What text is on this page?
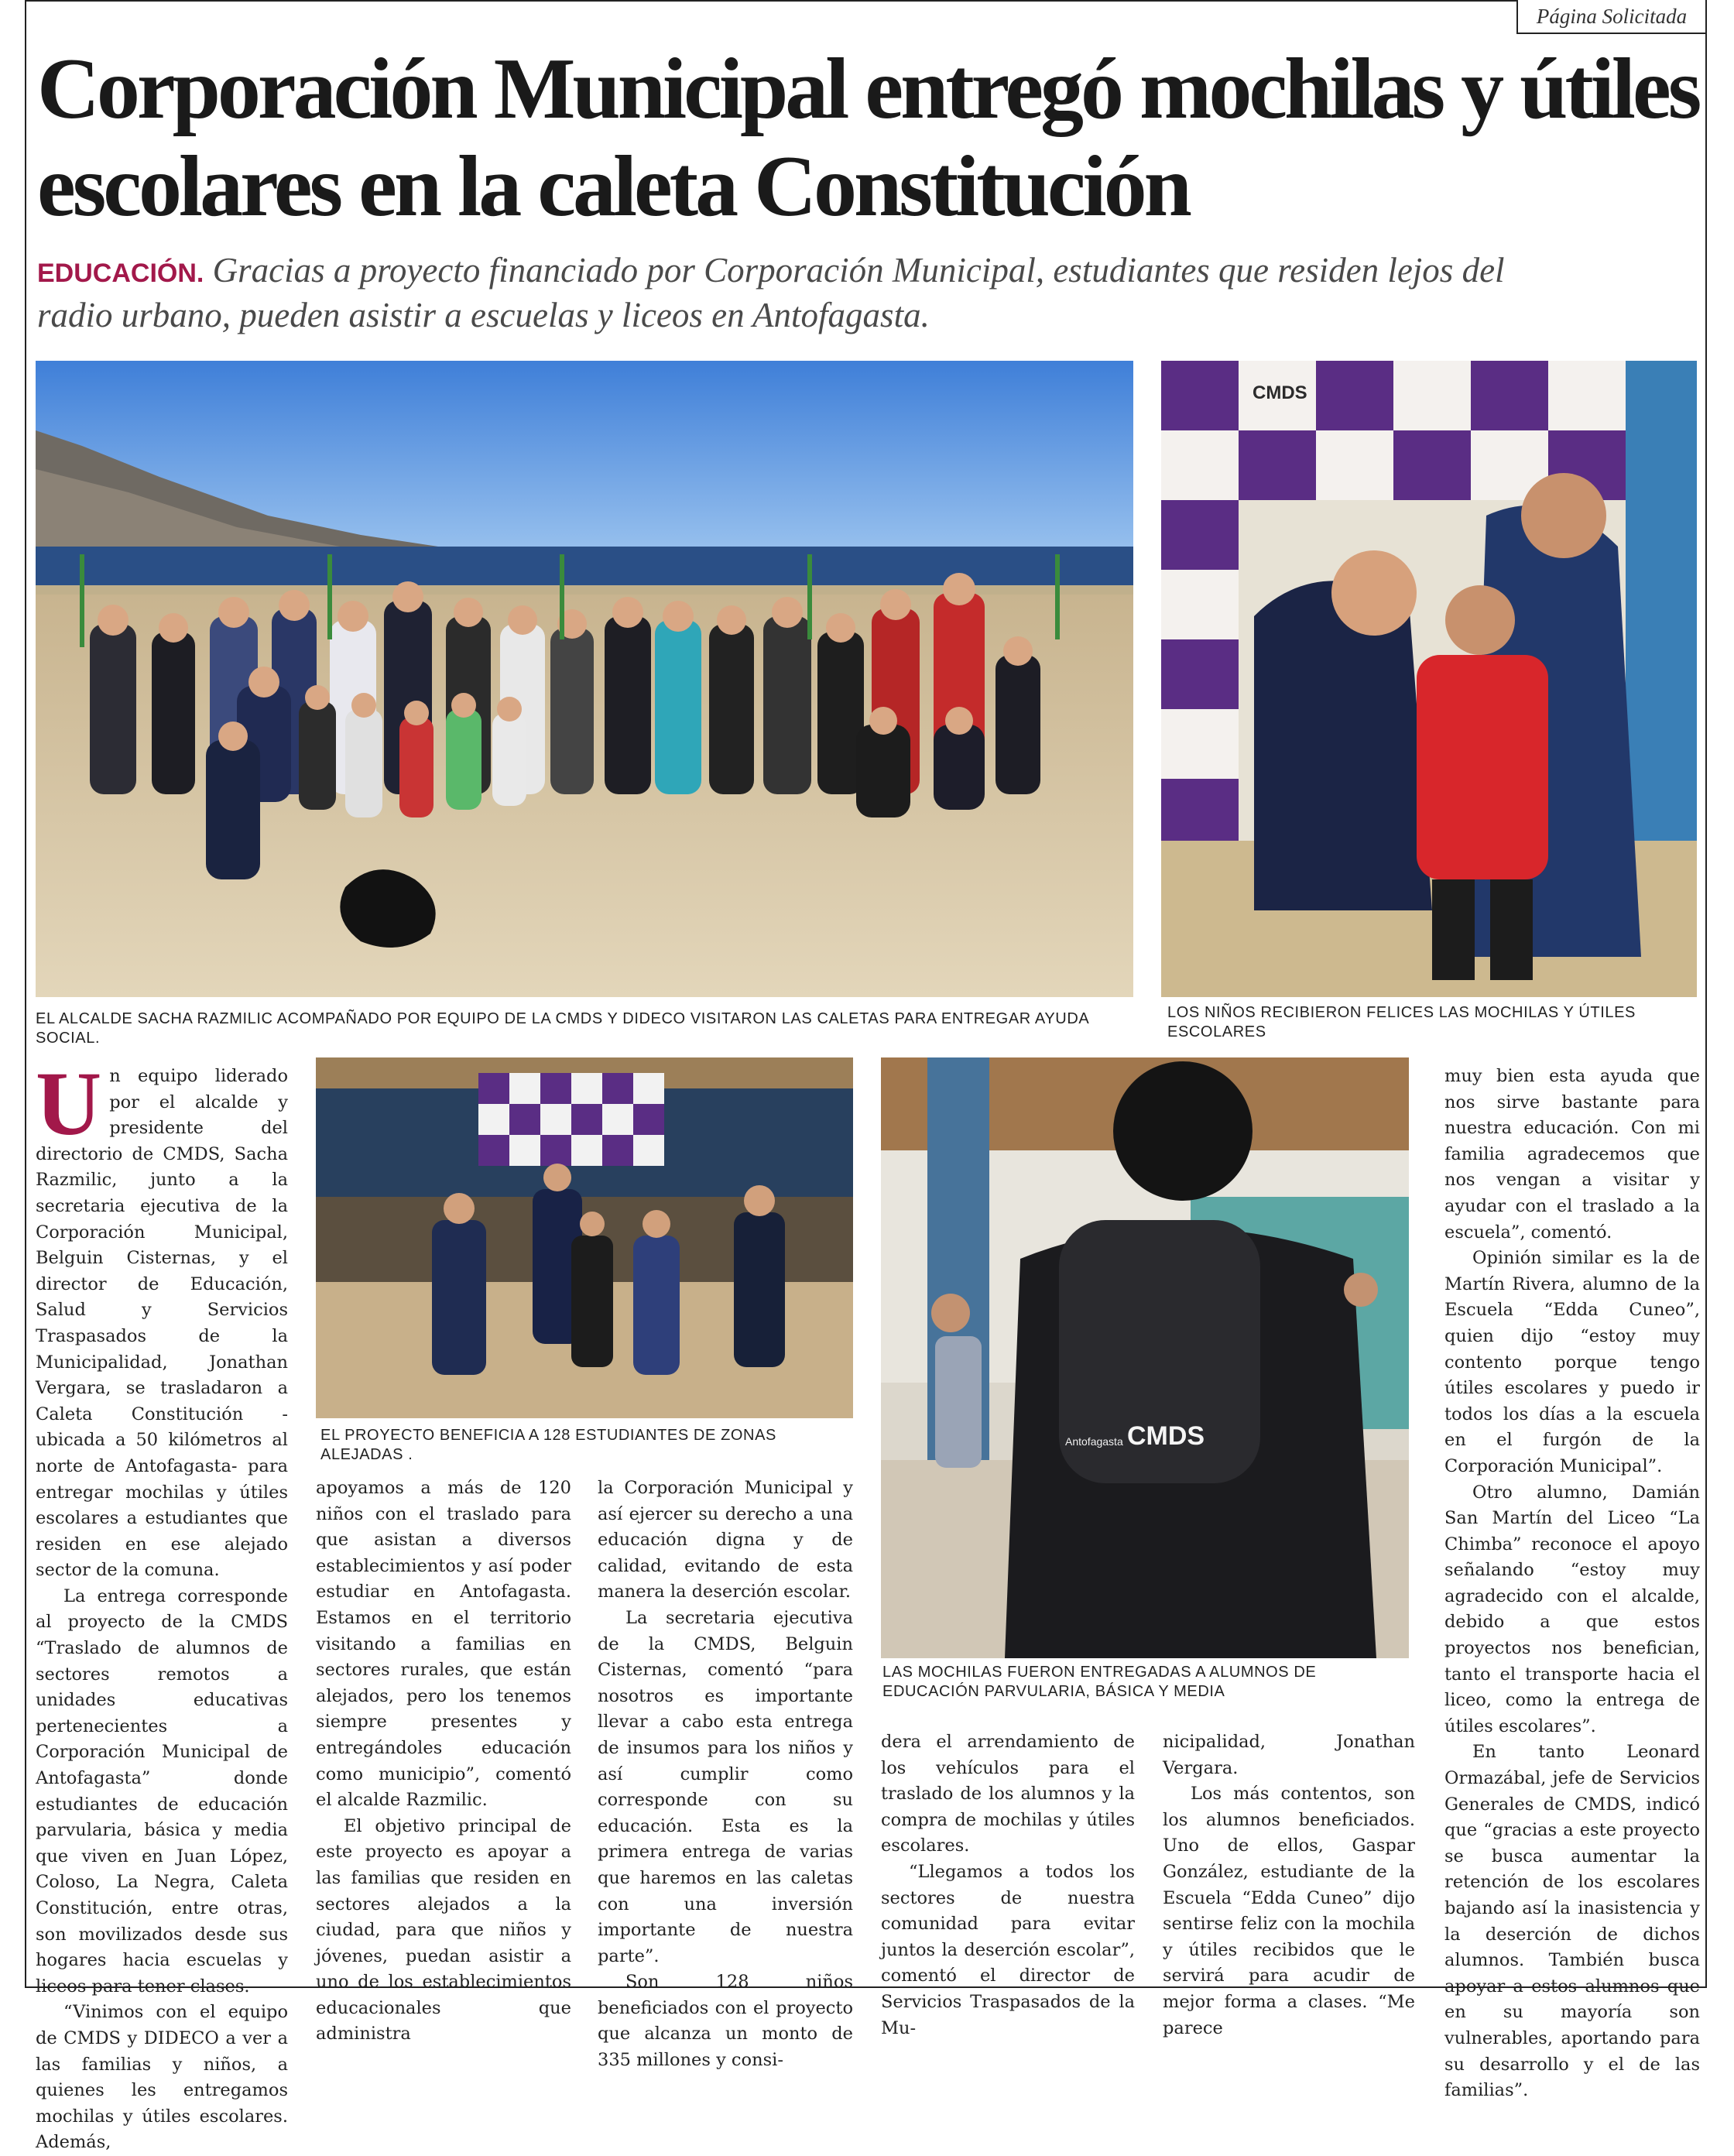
Página Solicitada
Corporación Municipal entregó mochilas y útiles escolares en la caleta Constitución
EDUCACIÓN. Gracias a proyecto financiado por Corporación Municipal, estudiantes que residen lejos del radio urbano, pueden asistir a escuelas y liceos en Antofagasta.

EL ALCALDE SACHA RAZMILIC ACOMPAÑADO POR EQUIPO DE LA CMDS Y DIDECO VISITARON LAS CALETAS PARA ENTREGAR AYUDA SOCIAL.

CMDS

LOS NIÑOS RECIBIERON FELICES LAS MOCHILAS Y ÚTILES ESCOLARES

EL PROYECTO BENEFICIA A 128 ESTUDIANTES DE ZONAS ALEJADAS .

Antofagasta CMDS

LAS MOCHILAS FUERON ENTREGADAS A ALUMNOS DE EDUCACIÓN PARVULARIA, BÁSICA Y MEDIA

Un equipo liderado por el alcalde y presidente del directorio de CMDS, Sacha Razmilic, junto a la secretaria ejecutiva de la Corporación Municipal, Belguin Cisternas, y el director de Educación, Salud y Servicios Traspasados de la Municipalidad, Jonathan Vergara, se trasladaron a Caleta Constitución -ubicada a 50 kilómetros al norte de Antofagasta- para entregar mochilas y útiles escolares a estudiantes que residen en ese alejado sector de la comuna.

La entrega corresponde al proyecto de la CMDS “Traslado de alumnos de sectores remotos a unidades educativas pertenecientes a Corporación Municipal de Antofagasta” donde estudiantes de educación parvularia, básica y media que viven en Juan López, Coloso, La Negra, Caleta Constitución, entre otras, son movilizados desde sus hogares hacia escuelas y liceos para tener clases.

“Vinimos con el equipo de CMDS y DIDECO a ver a las familias y niños, a quienes les entregamos mochilas y útiles escolares. Además,

apoyamos a más de 120 niños con el traslado para que asistan a diversos establecimientos y así poder estudiar en Antofagasta. Estamos en el territorio visitando a familias en sectores rurales, que están alejados, pero los tenemos siempre presentes y entregándoles educación como municipio”, comentó el alcalde Razmilic.

El objetivo principal de este proyecto es apoyar a las familias que residen en sectores alejados a la ciudad, para que niños y jóvenes, puedan asistir a uno de los establecimientos educacionales que administra

la Corporación Municipal y así ejercer su derecho a una educación digna y de calidad, evitando de esta manera la deserción escolar.

La secretaria ejecutiva de la CMDS, Belguin Cisternas, comentó “para nosotros es importante llevar a cabo esta entrega de insumos para los niños y así cumplir como corresponde con su educación. Esta es la primera entrega de varias que haremos en las caletas con una inversión importante de nuestra parte”.

Son 128 niños beneficiados con el proyecto que alcanza un monto de 335 millones y consi-

dera el arrendamiento de los vehículos para el traslado de los alumnos y la compra de mochilas y útiles escolares.

“Llegamos a todos los sectores de nuestra comunidad para evitar juntos la deserción escolar”, comentó el director de Servicios Traspasados de la Mu-

nicipalidad, Jonathan Vergara.

Los más contentos, son los alumnos beneficiados. Uno de ellos, Gaspar González, estudiante de la Escuela “Edda Cuneo” dijo sentirse feliz con la mochila y útiles recibidos que le servirá para acudir de mejor forma a clases. “Me parece

muy bien esta ayuda que nos sirve bastante para nuestra educación. Con mi familia agradecemos que nos vengan a visitar y ayudar con el traslado a la escuela”, comentó.

Opinión similar es la de Martín Rivera, alumno de la Escuela “Edda Cuneo”, quien dijo “estoy muy contento porque tengo útiles escolares y puedo ir todos los días a la escuela en el furgón de la Corporación Municipal”.

Otro alumno, Damián San Martín del Liceo “La Chimba” reconoce el apoyo señalando “estoy muy agradecido con el alcalde, debido a que estos proyectos nos benefician, tanto el transporte hacia el liceo, como la entrega de útiles escolares”.

En tanto Leonard Ormazábal, jefe de Servicios Generales de CMDS, indicó que “gracias a este proyecto se busca aumentar la retención de los escolares bajando así la inasistencia y la deserción de dichos alumnos. También busca apoyar a estos alumnos que en su mayoría son vulnerables, aportando para su desarrollo y el de las familias”.
